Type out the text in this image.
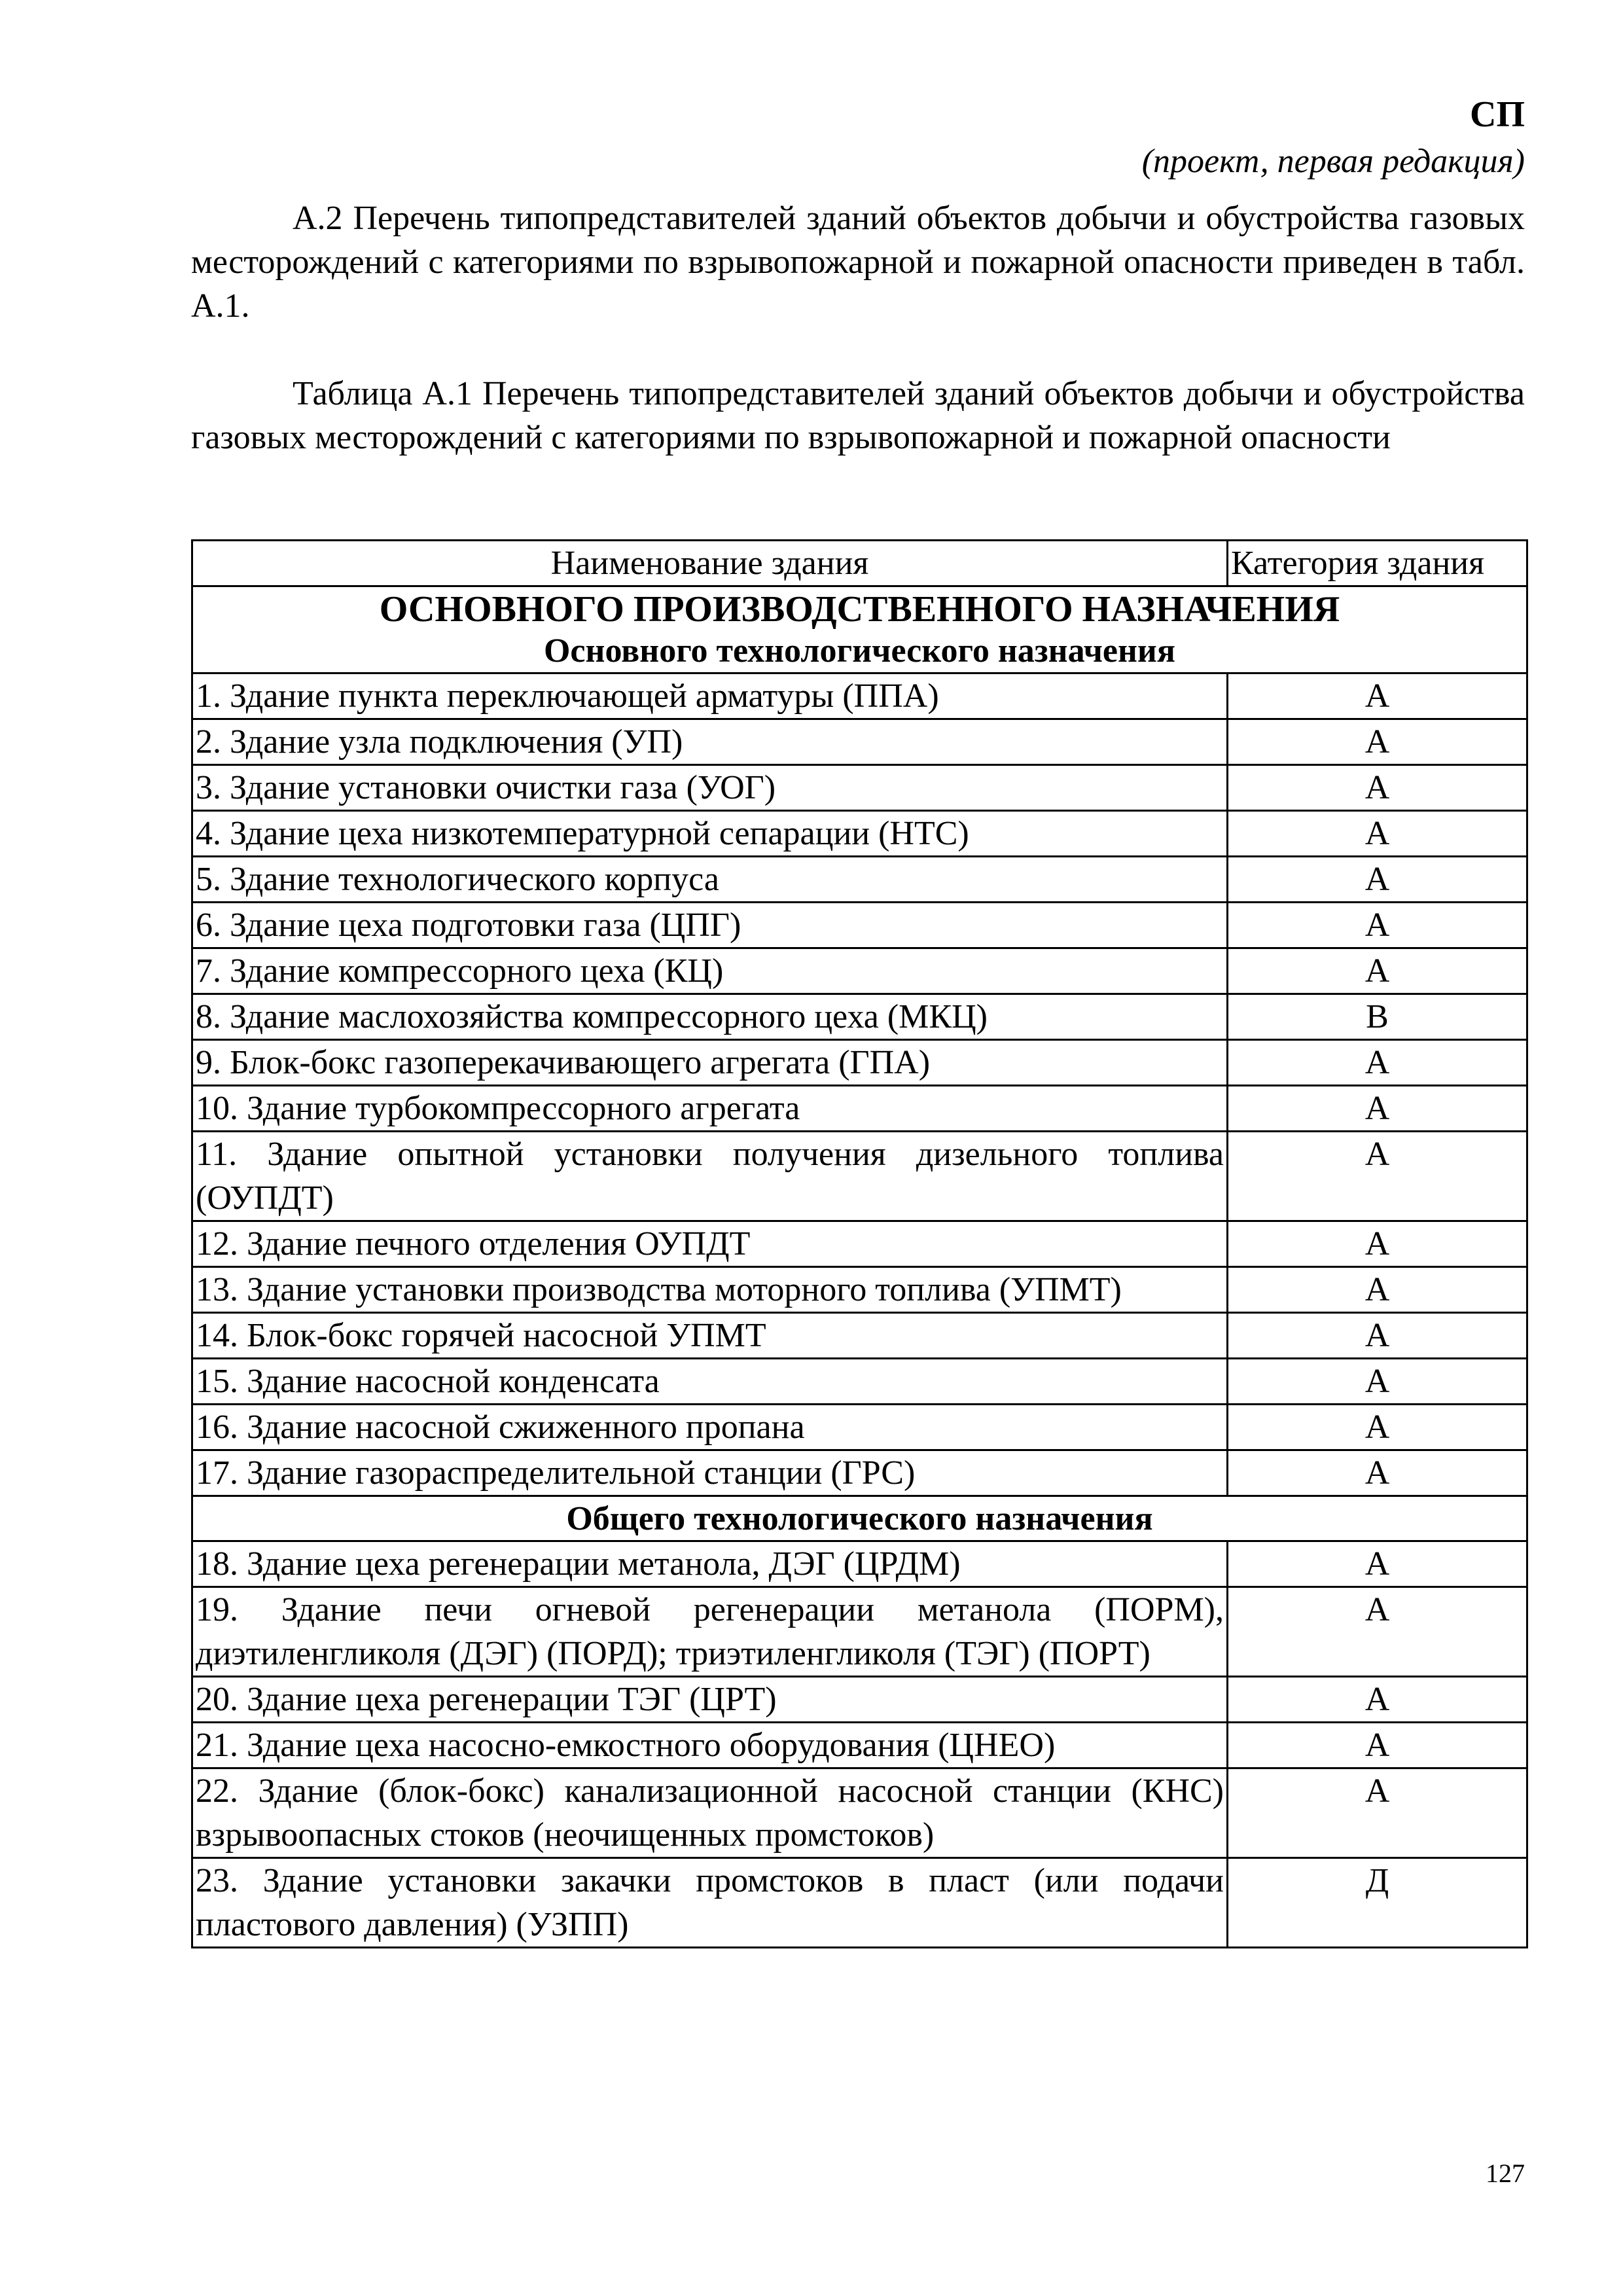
СП
(проект, первая редакция)
А.2 Перечень типопредставителей зданий объектов добычи и обустройства газовых месторождений с категориями по взрывопожарной и пожарной опасности приведен в табл. А.1.
Таблица А.1 Перечень типопредставителей зданий объектов добычи и обустройства газовых месторождений с категориями по взрывопожарной и пожарной опасности
Наименование здания	Категория здания

ОСНОВНОГО ПРОИЗВОДСТВЕННОГО НАЗНАЧЕНИЯ
Основного технологического назначения	

1. Здание пункта переключающей арматуры (ППА)	А
2. Здание узла подключения (УП)	А
3. Здание установки очистки газа (УОГ)	А
4. Здание цеха низкотемпературной сепарации (НТС)	А
5. Здание технологического корпуса	А
6. Здание цеха подготовки газа (ЦПГ)	А
7. Здание компрессорного цеха (КЦ)	А
8. Здание маслохозяйства компрессорного цеха (МКЦ)	В
9. Блок-бокс газоперекачивающего агрегата (ГПА)	А
10. Здание турбокомпрессорного агрегата	А
11. Здание опытной установки получения дизельного топлива (ОУПДТ)	А
12. Здание печного отделения ОУПДТ	А
13. Здание установки производства моторного топлива (УПМТ)	А
14. Блок-бокс горячей насосной УПМТ	А
15. Здание насосной конденсата	А
16. Здание насосной сжиженного пропана	А
17. Здание газораспределительной станции (ГРС)	А

Общего технологического назначения	

18. Здание цеха регенерации метанола, ДЭГ (ЦРДМ)	А
19. Здание печи огневой регенерации метанола (ПОРМ), диэтиленгликоля (ДЭГ) (ПОРД); триэтиленгликоля (ТЭГ) (ПОРТ)	А
20. Здание цеха регенерации ТЭГ (ЦРТ)	А
21. Здание цеха насосно-емкостного оборудования (ЦНЕО)	А
22. Здание (блок-бокс) канализационной насосной станции (КНС) взрывоопасных стоков (неочищенных промстоков)	А
23. Здание установки закачки промстоков в пласт (или подачи пластового давления) (УЗПП)	Д
127
